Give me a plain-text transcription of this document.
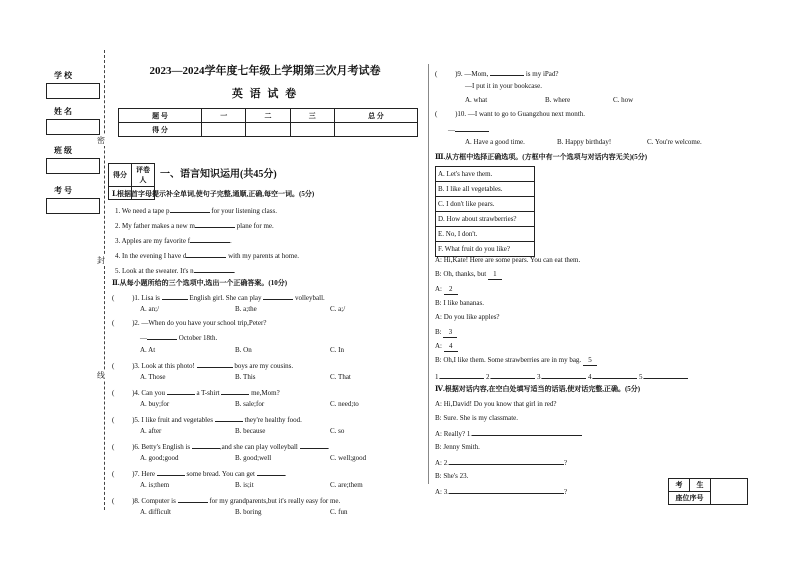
学 校
姓 名
班 级
考 号
密
封
线
2023—2024学年度七年级上学期第三次月考试卷
英 语 试 卷
题 号	一	二	三	总 分
得 分				
得分	评卷人
	一、语言知识运用(共45分)
Ⅰ.根据首字母提示补全单词,使句子完整,通顺,正确,每空一词。(5分)
1. We need a tape p	for your listening class.
2. My father makes a new m	plane for me.
3. Apples are my favorite f	.
4. In the evening I have d	with my parents at home.
5. Look at the sweater. It's n	.
Ⅱ.从每小题所给的三个选项中,选出一个正确答案。(10分)
( )1. Lisa is	English girl. She can play	volleyball.
A. an;/	B. a;the	C. a;/
( )2. —When do you have your school trip,Peter?
—	October 18th.
A. At	B. On	C. In
( )3. Look at this photo!	boys are my cousins.
A. Those	B. This	C. That
( )4. Can you	a T-shirt	me,Mom?
A. buy;for	B. sale;for	C. need;to
( )5. I like fruit and vegetables	they're healthy food.
A. after	B. because	C. so
( )6. Betty's English is	,and she can play volleyball	.
A. good;good	B. good;well	C. well;good
( )7. Here	some bread. You can get	.
A. is;them	B. is;it	C. are;them
( )8. Computer is	for my grandparents,but it's really easy for me.
A. difficult	B. boring	C. fun
( )9. —Mom,	is my iPad?
—I put it in your bookcase.
A. what	B. where	C. how
( )10. —I want to go to Guangzhou next month.
—
A. Have a good time.	B. Happy birthday!	C. You're welcome.
Ⅲ.从方框中选择正确选项。(方框中有一个选项与对话内容无关)(5分)
A. Let's have them.
B. I like all vegetables.
C. I don't like pears.
D. How about strawberries?
E. No, I don't.
F. What fruit do you like?
A: Hi,Kate! Here are some pears. You can eat them.
B: Oh, thanks, but 1
A: 2
B: I like bananas.
A: Do you like apples?
B: 3
A: 4
B: Oh,I like them. Some strawberries are in my bag. 5
1.	2.	3.	4.	5.
Ⅳ.根据对话内容,在空白处填写适当的话语,使对话完整,正确。(5分)
A: Hi,David! Do you know that girl in red?
B: Sure. She is my classmate.
A: Really? 1.
B: Jenny Smith.
A: 2.	?
B: She's 23.
A: 3.	?
考	生	
座位序号
